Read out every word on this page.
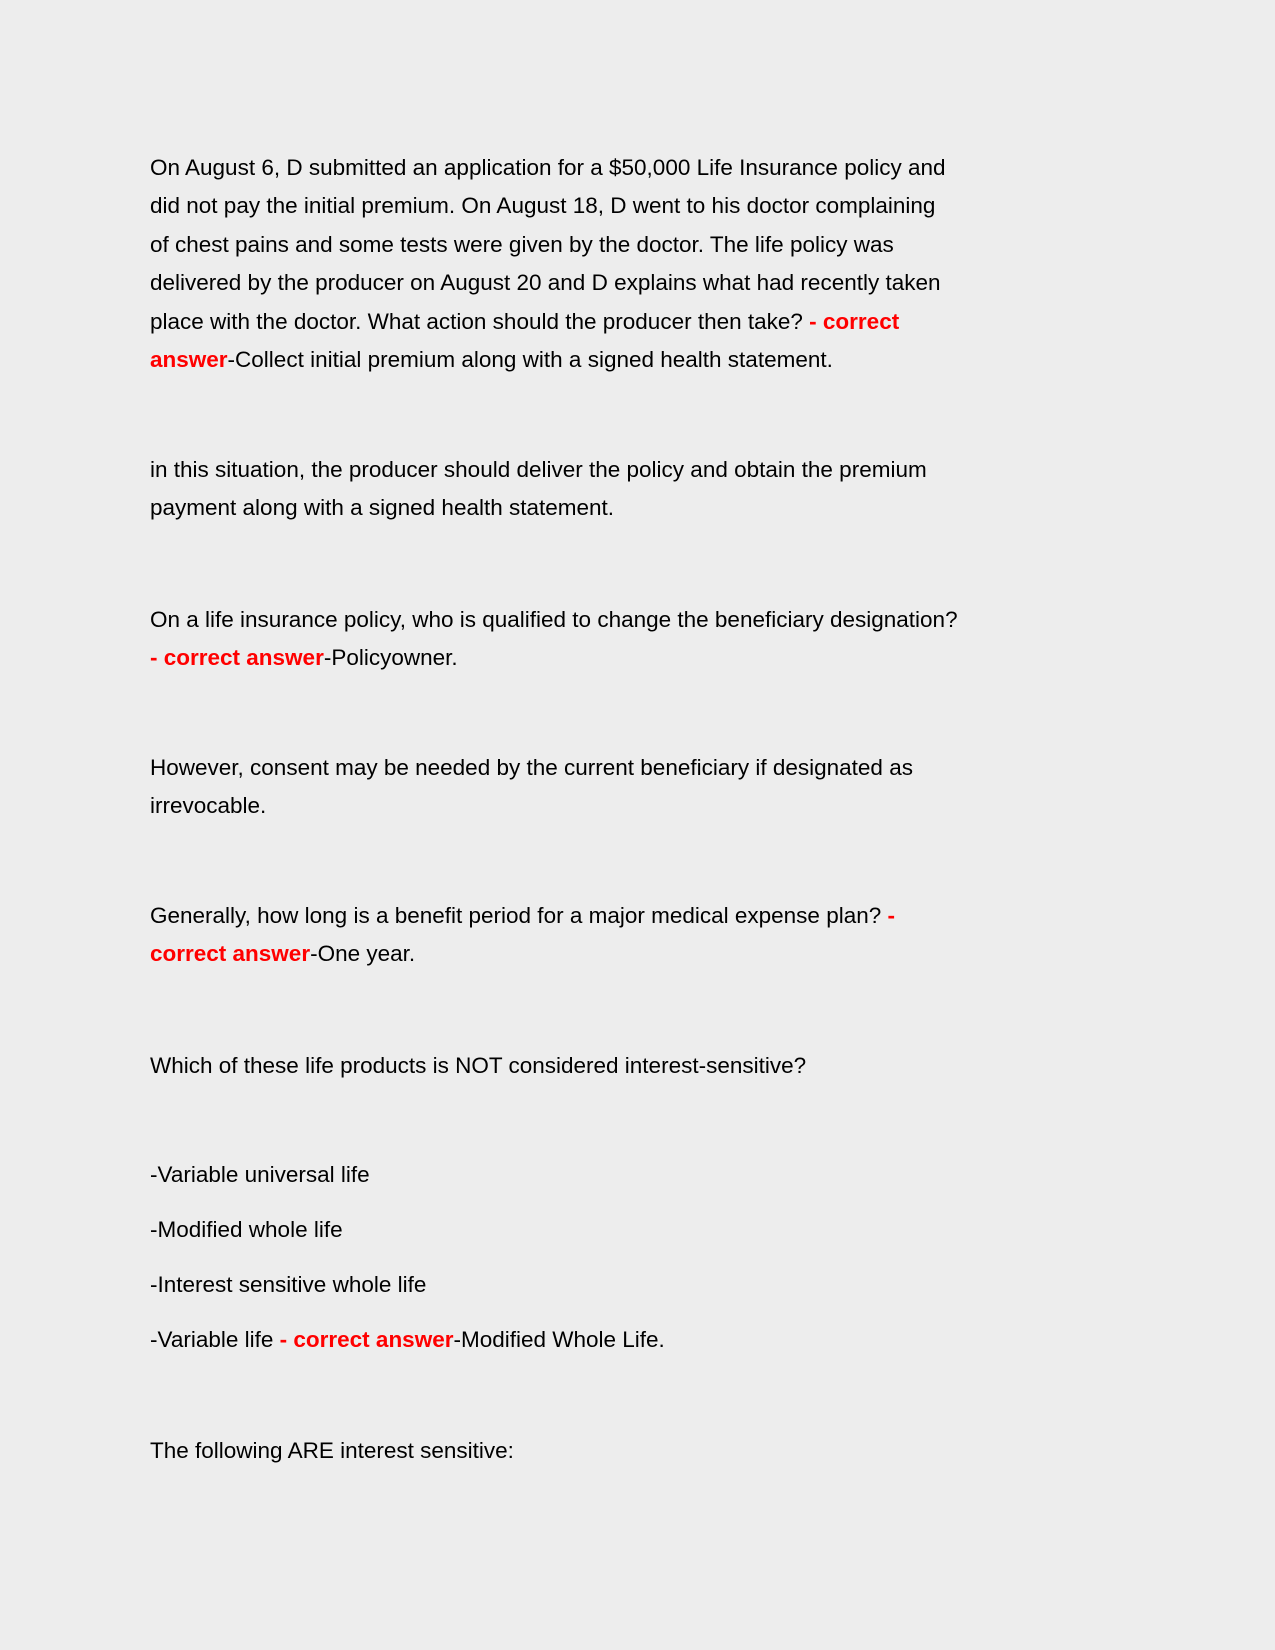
On August 6, D submitted an application for a $50,000 Life Insurance policy and
did not pay the initial premium. On August 18, D went to his doctor complaining
of chest pains and some tests were given by the doctor. The life policy was
delivered by the producer on August 20 and D explains what had recently taken
place with the doctor. What action should the producer then take? - correct
answer-Collect initial premium along with a signed health statement.
in this situation, the producer should deliver the policy and obtain the premium
payment along with a signed health statement.
On a life insurance policy, who is qualified to change the beneficiary designation?
- correct answer-Policyowner.
However, consent may be needed by the current beneficiary if designated as
irrevocable.
Generally, how long is a benefit period for a major medical expense plan? -
correct answer-One year.
Which of these life products is NOT considered interest-sensitive?
-Variable universal life
-Modified whole life
-Interest sensitive whole life
-Variable life - correct answer-Modified Whole Life.
The following ARE interest sensitive:
